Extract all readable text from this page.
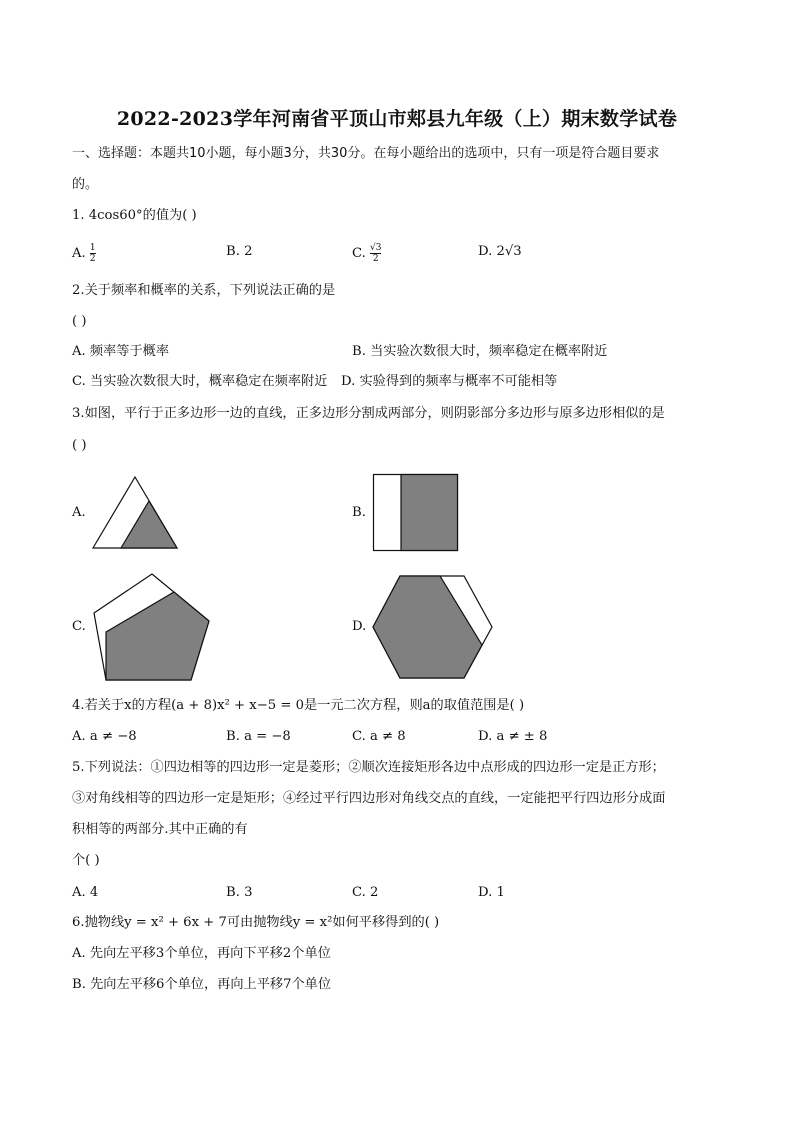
2022-2023学年河南省平顶山市郏县九年级（上）期末数学试卷
一、选择题：本题共10小题，每小题3分，共30分。在每小题给出的选项中，只有一项是符合题目要求
的。
1. 4cos60°的值为( )
A. $\frac{1}{2}$	B. 2	C. $\frac{√3}{2}$	D. 2√3
2.关于频率和概率的关系，下列说法正确的是
( )
A. 频率等于概率	B. 当实验次数很大时，频率稳定在概率附近
C. 当实验次数很大时，概率稳定在频率附近 D. 实验得到的频率与概率不可能相等
3.如图，平行于正多边形一边的直线，正多边形分割成两部分，则阴影部分多边形与原多边形相似的是
( )
A.	B.
C.	D.
4.若关于x的方程(a + 8)x² + x−5 = 0是一元二次方程，则a的取值范围是( )
A. a ≠ −8	B. a = −8	C. a ≠ 8	D. a ≠ ± 8
5.下列说法：①四边相等的四边形一定是菱形；②顺次连接矩形各边中点形成的四边形一定是正方形；
③对角线相等的四边形一定是矩形；④经过平行四边形对角线交点的直线，一定能把平行四边形分成面
积相等的两部分.其中正确的有
个( )
A. 4	B. 3	C. 2	D. 1
6.抛物线y = x² + 6x + 7可由抛物线y = x²如何平移得到的( )
A. 先向左平移3个单位，再向下平移2个单位
B. 先向左平移6个单位，再向上平移7个单位
